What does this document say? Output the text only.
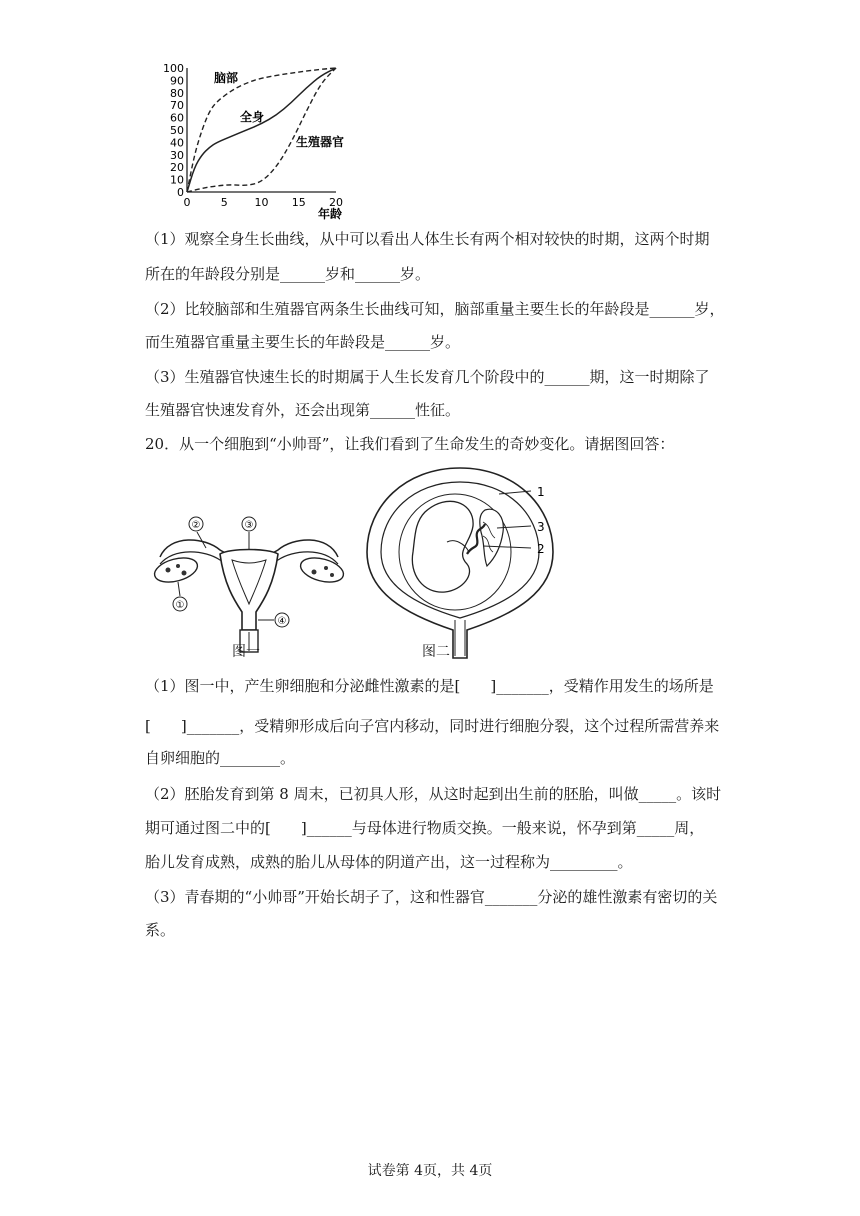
100
90
80
70
60
50
40
30
20
10
0
0	5 10 15 20
脑部
全身
生殖器官
年龄
（1）观察全身生长曲线，从中可以看出人体生长有两个相对较快的时期，这两个时期
所在的年龄段分别是______岁和______岁。
（2）比较脑部和生殖器官两条生长曲线可知，脑部重量主要生长的年龄段是______岁，
而生殖器官重量主要生长的年龄段是______岁。
（3）生殖器官快速生长的时期属于人生长发育几个阶段中的______期，这一时期除了
生殖器官快速发育外，还会出现第______性征。
20．从一个细胞到“小帅哥”，让我们看到了生命发生的奇妙变化。请据图回答：
②	③
①
④
图一
1
3
2
图二
（1）图一中，产生卵细胞和分泌雌性激素的是[　　]_______，受精作用发生的场所是
[　　]_______，受精卵形成后向子宫内移动，同时进行细胞分裂，这个过程所需营养来
自卵细胞的________。
（2）胚胎发育到第 8 周末，已初具人形，从这时起到出生前的胚胎，叫做_____。该时
期可通过图二中的[　　]______与母体进行物质交换。一般来说，怀孕到第_____周，
胎儿发育成熟，成熟的胎儿从母体的阴道产出，这一过程称为_________。
（3）青春期的“小帅哥”开始长胡子了，这和性器官_______分泌的雄性激素有密切的关
系。
试卷第 4页，共 4页
